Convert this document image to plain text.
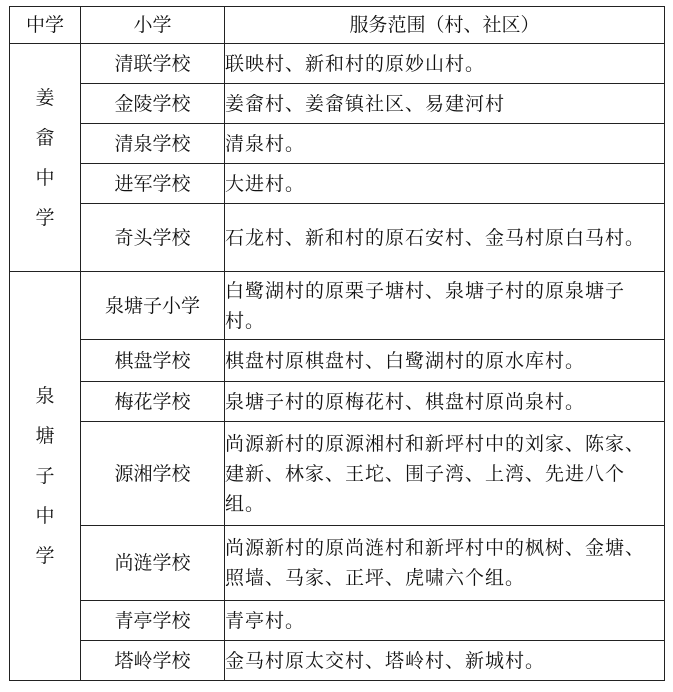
中学	小学	服务范围（村、社区）
姜畲中学	清联学校	联映村、新和村的原妙山村。
	金陵学校	姜畲村、姜畲镇社区、易建河村
	清泉学校	清泉村。
	进军学校	大进村。
	奇头学校	石龙村、新和村的原石安村、金马村原白马村。
泉塘子中学	泉塘子小学	白鹭湖村的原栗子塘村、泉塘子村的原泉塘子村。
	棋盘学校	棋盘村原棋盘村、白鹭湖村的原水库村。
	梅花学校	泉塘子村的原梅花村、棋盘村原尚泉村。
	源湘学校	尚源新村的原源湘村和新坪村中的刘家、陈家、建新、林家、王坨、围子湾、上湾、先进八个组。
	尚涟学校	尚源新村的原尚涟村和新坪村中的枫树、金塘、照墙、马家、正坪、虎啸六个组。
	青亭学校	青亭村。
	塔岭学校	金马村原太交村、塔岭村、新城村。
